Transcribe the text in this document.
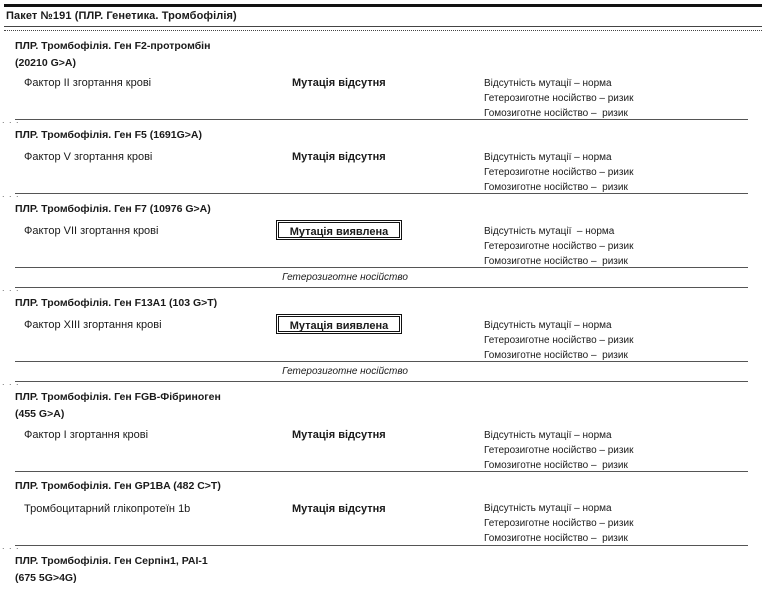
Пакет №191 (ПЛР. Генетика. Тромбофілія)
ПЛР. Тромбофілія. Ген F2-протромбін
(20210 G>A)
Фактор II згортання крові	Мутація відсутня	Відсутність мутації – норма
Гетерозиготне носійство – ризик
Гомозиготне носійство –  ризик
. . .
ПЛР. Тромбофілія. Ген F5 (1691G>A)
Фактор V згортання крові	Мутація відсутня	Відсутність мутації – норма
Гетерозиготне носійство – ризик
Гомозиготне носійство –  ризик
. . .
ПЛР. Тромбофілія. Ген F7 (10976 G>A)
Фактор VII згортання крові	Мутація виявлена	Відсутність мутації  – норма
Гетерозиготне носійство – ризик
Гомозиготне носійство –  ризик
Гетерозиготне носійство
. . .
ПЛР. Тромбофілія. Ген F13A1 (103 G>T)
Фактор XIII згортання крові	Мутація виявлена	Відсутність мутації – норма
Гетерозиготне носійство – ризик
Гомозиготне носійство –  ризик
Гетерозиготне носійство
. . .
ПЛР. Тромбофілія. Ген FGB-Фібриноген
(455 G>A)
Фактор I згортання крові	Мутація відсутня	Відсутність мутації – норма
Гетерозиготне носійство – ризик
Гомозиготне носійство –  ризик
ПЛР. Тромбофілія. Ген GP1BA (482 C>T)
Тромбоцитарний глікопротеїн 1b	Мутація відсутня	Відсутність мутації – норма
Гетерозиготне носійство – ризик
Гомозиготне носійство –  ризик
. . .
ПЛР. Тромбофілія. Ген Серпін1, PAI-1
(675 5G>4G)
